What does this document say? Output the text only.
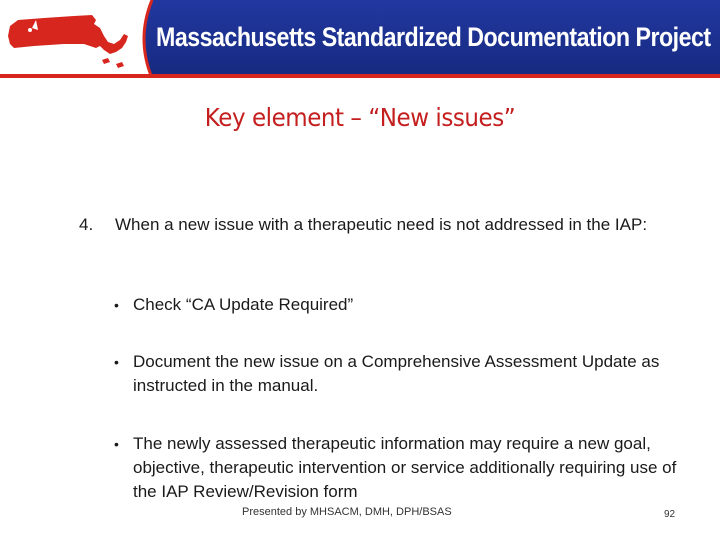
Massachusetts Standardized Documentation Project
Key element – “New issues”
4. When a new issue with a therapeutic need is not addressed in the IAP:
• Check “CA Update Required”
• Document the new issue on a Comprehensive Assessment Update as instructed in the manual.
• The newly assessed therapeutic information may require a new goal, objective, therapeutic intervention or service additionally requiring use of the IAP Review/Revision form
Presented by MHSACM, DMH, DPH/BSAS	92
